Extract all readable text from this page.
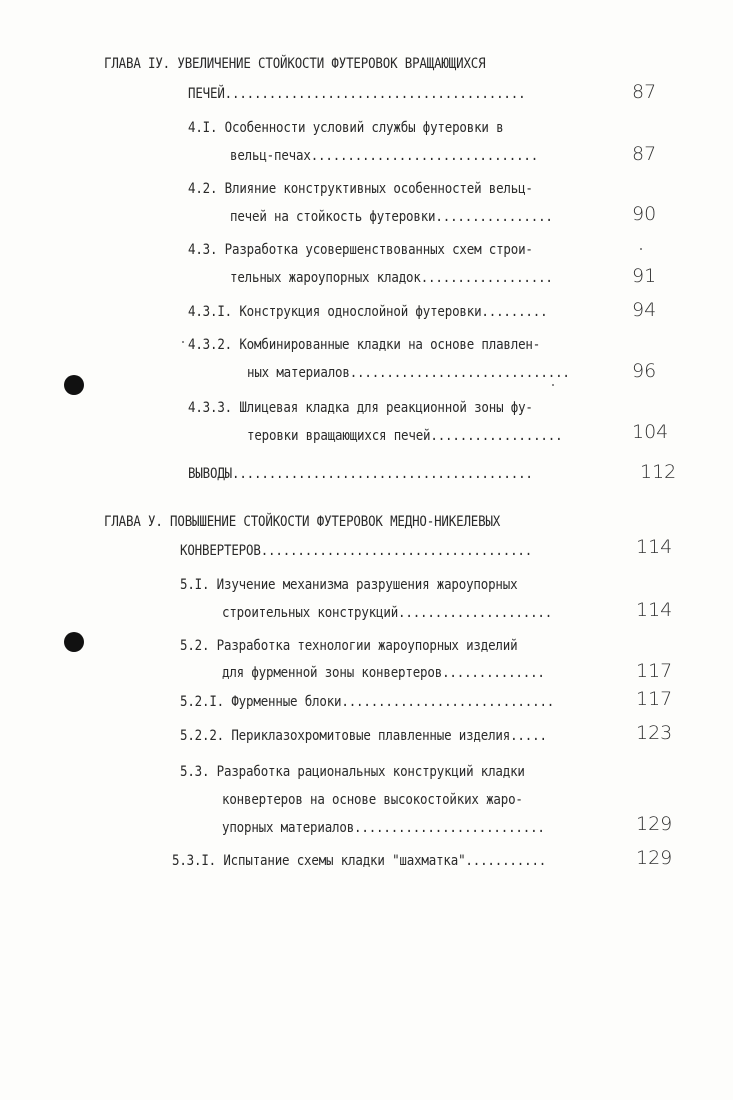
ГЛАВА IУ. УВЕЛИЧЕНИЕ СТОЙКОСТИ ФУТЕРОВОК ВРАЩАЮЩИХСЯ
ПЕЧЕЙ.........................................	87
4.I. Особенности условий службы футеровки в
вельц-печах...............................	87
4.2. Влияние конструктивных особенностей вельц-
печей на стойкость футеровки................	90
4.3. Разработка усовершенствованных схем строи-
тельных жароупорных кладок..................	91
4.3.I. Конструкция однослойной футеровки.........	94
4.3.2. Комбинированные кладки на основе плавлен-
ных материалов..............................	96
4.3.3. Шлицевая кладка для реакционной зоны фу-
теровки вращающихся печей..................	104
ВЫВОДЫ.........................................	112
ГЛАВА У. ПОВЫШЕНИЕ СТОЙКОСТИ ФУТЕРОВОК МЕДНО-НИКЕЛЕВЫХ
КОНВЕРТЕРОВ.....................................	114
5.I. Изучение механизма разрушения жароупорных
строительных конструкций.....................	114
5.2. Разработка технологии жароупорных изделий
для фурменной зоны конвертеров..............	117
5.2.I. Фурменные блоки.............................	117
5.2.2. Периклазохромитовые плавленные изделия.....	123
5.3. Разработка рациональных конструкций кладки
конвертеров на основе высокостойких жаро-
упорных материалов..........................	129
5.3.I. Испытание схемы кладки "шахматка"...........	129
